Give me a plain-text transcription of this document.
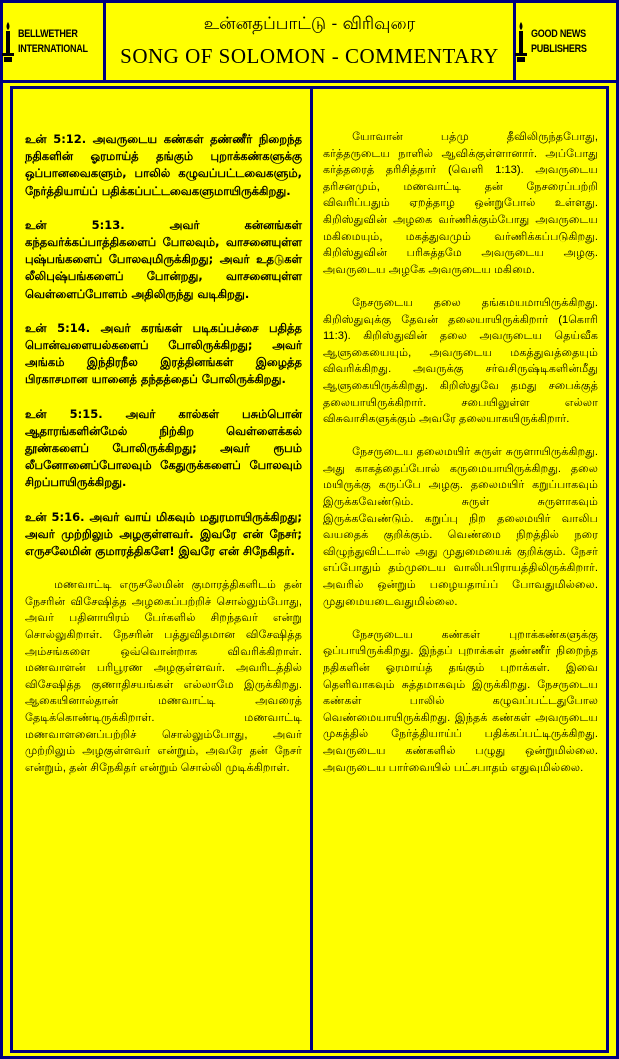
BELLWETHER
INTERNATIONAL
உன்னதப்பாட்டு - விரிவுரை
SONG OF SOLOMON - COMMENTARY
GOOD NEWS
PUBLISHERS

உன் 5:12. அவருடைய கண்கள் தண்ணீர் நிறைந்த நதிகளின் ஓரமாய்த் தங்கும் புறாக்கண்களுக்கு ஒப்பானவைகளும், பாலில் கழுவப்பட்டவைகளும், நேர்த்தியாய்ப் பதிக்கப்பட்டவைகளுமாயிருக்கிறது.

உன் 5:13. அவர் கன்னங்கள் கந்தவர்க்கப்பாத்திகளைப் போலவும், வாசனையுள்ள புஷ்பங்களைப் போலவுமிருக்கிறது; அவர் உதடுகள் லீலிபுஷ்பங்களைப் போன்றது, வாசனையுள்ள வெள்ளைப்போளம் அதிலிருந்து வடிகிறது.

உன் 5:14. அவர் கரங்கள் படிகப்பச்சை பதித்த பொன்வளையல்களைப் போலிருக்கிறது; அவர் அங்கம் இந்திரநீல இரத்தினங்கள் இழைத்த பிரகாசமான யானைத் தந்தத்தைப் போலிருக்கிறது.

உன் 5:15. அவர் கால்கள் பசும்பொன் ஆதாரங்களின்மேல் நிற்கிற வெள்ளைக்கல் தூண்களைப் போலிருக்கிறது; அவர் ரூபம் லீபனோனைப்போலவும் கேதுருக்களைப் போலவும் சிறப்பாயிருக்கிறது.

உன் 5:16. அவர் வாய் மிகவும் மதுரமாயிருக்கிறது; அவர் முற்றிலும் அழகுள்ளவர். இவரே என் நேசர்; எருசலேமின் குமாரத்திகளே! இவரே என் சிநேகிதர்.

மணவாட்டி எருசலேமின் குமாரத்திகளிடம் தன் நேசரின் விசேஷித்த அழகைப்பற்றிச் சொல்லும்போது, அவர் பதினாயிரம் பேர்களில் சிறந்தவர் என்று சொல்லுகிறாள். நேசரின் பத்துவிதமான விசேஷித்த அம்சங்களை ஒவ்வொன்றாக விவரிக்கிறாள். மணவாளன் பரிபூரண அழகுள்ளவர். அவரிடத்தில் விசேஷித்த குணாதிசயங்கள் எல்லாமே இருக்கிறது. ஆகையினால்தான் மணவாட்டி அவரைத் தேடிக்கொண்டிருக்கிறாள். மணவாட்டி மணவாளனைப்பற்றிச் சொல்லும்போது, அவர் முற்றிலும் அழகுள்ளவர் என்றும், அவரே தன் நேசர் என்றும், தன் சிநேகிதர் என்றும் சொல்லி முடிக்கிறாள்.

யோவான் பத்மு தீவிலிருந்தபோது, கர்த்தருடைய நாளில் ஆவிக்குள்ளானார். அப்போது கர்த்தரைத் தரிசித்தார் (வெளி 1:13). அவருடைய தரிசனமும், மணவாட்டி தன் நேசரைப்பற்றி விவரிப்பதும் ஏறத்தாழ ஒன்றுபோல் உள்ளது. கிறிஸ்துவின் அழகை வர்ணிக்கும்போது அவருடைய மகிமையும், மகத்துவமும் வர்ணிக்கப்படுகிறது. கிறிஸ்துவின் பரிசுத்தமே அவருடைய அழகு. அவருடைய அழகே அவருடைய மகிமை.

நேசருடைய தலை தங்கமயமாயிருக்கிறது. கிறிஸ்துவுக்கு தேவன் தலையாயிருக்கிறார் (1கொரி 11:3). கிறிஸ்துவின் தலை அவருடைய தெய்வீக ஆளுகையையும், அவருடைய மகத்துவத்தையும் விவரிக்கிறது. அவருக்கு சர்வசிருஷ்டிகளின்மீது ஆளுகையிருக்கிறது. கிறிஸ்துவே தமது சபைக்குத் தலையாயிருக்கிறார். சபையிலுள்ள எல்லா விசுவாசிகளுக்கும் அவரே தலையாகயிருக்கிறார்.

நேசருடைய தலைமயிர் சுருள் சுருளாயிருக்கிறது. அது காகத்தைப்போல் கருமையாயிருக்கிறது. தலை மயிருக்கு கருப்பே அழகு. தலைமயிர் கறுப்பாகவும் இருக்கவேண்டும். சுருள் சுருளாகவும் இருக்கவேண்டும். கறுப்பு நிற தலைமயிர் வாலிப வயதைக் குறிக்கும். வெண்மை நிறத்தில் நரை விழுந்துவிட்டால் அது முதுமையைக் குறிக்கும். நேசர் எப்போதும் தம்முடைய வாலிபபிராயத்திலிருக்கிறார். அவரில் ஒன்றும் பழையதாய்ப் போவதுமில்லை. முதுமையடைவதுமில்லை.

நேசருடைய கண்கள் புறாக்கண்களுக்கு ஒப்பாயிருக்கிறது. இந்தப் புறாக்கள் தண்ணீர் நிறைந்த நதிகளின் ஓரமாய்த் தங்கும் புறாக்கள். இவை தெளிவாகவும் சுத்தமாகவும் இருக்கிறது. நேசருடைய கண்கள் பாலில் கழுவப்பட்டதுபோல வெண்மையாயிருக்கிறது. இந்தக் கண்கள் அவருடைய முகத்தில் நேர்த்தியாய்ப் பதிக்கப்பட்டிருக்கிறது. அவருடைய கண்களில் பழுது ஒன்றுமில்லை. அவருடைய பார்வையில் பட்சபாதம் எதுவுமில்லை.
